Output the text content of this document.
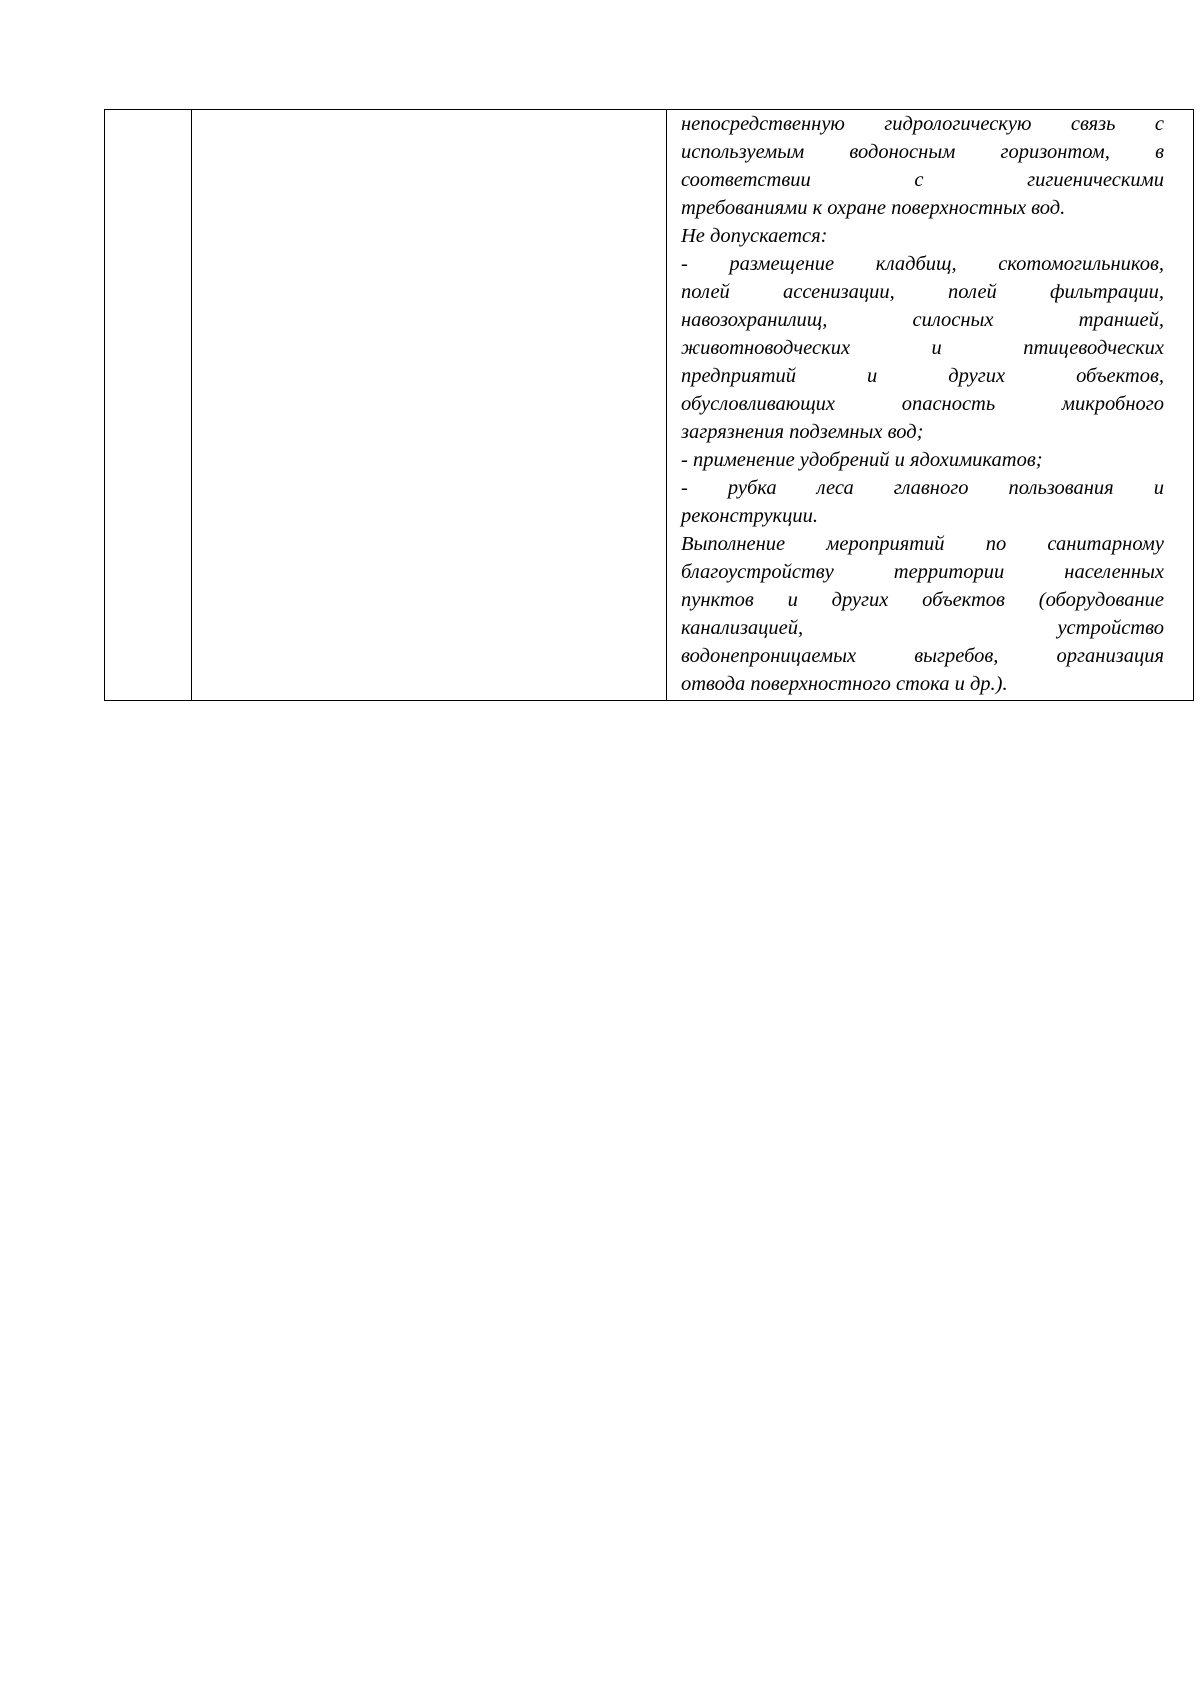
непосредственную гидрологическую связь с
используемым водоносным горизонтом, в
соответствии с гигиеническими
требованиями к охране поверхностных вод.
Не допускается:
- размещение кладбищ, скотомогильников,
полей ассенизации, полей фильтрации,
навозохранилищ, силосных траншей,
животноводческих и птицеводческих
предприятий и других объектов,
обусловливающих опасность микробного
загрязнения подземных вод;
- применение удобрений и ядохимикатов;
- рубка леса главного пользования и
реконструкции.
Выполнение мероприятий по санитарному
благоустройству территории населенных
пунктов и других объектов (оборудование
канализацией, устройство
водонепроницаемых выгребов, организация
отвода поверхностного стока и др.).
